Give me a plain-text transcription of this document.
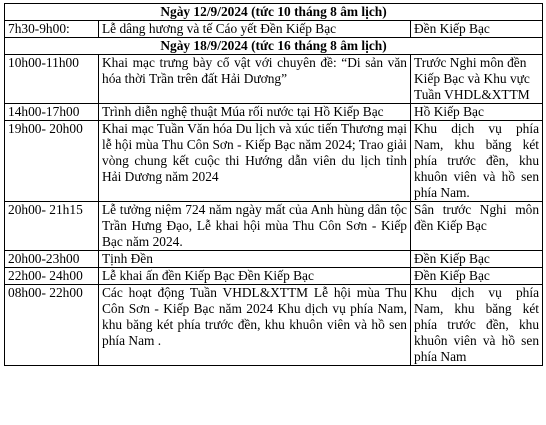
Ngày 12/9/2024 (tức 10 tháng 8 âm lịch)		
7h30-9h00:	Lễ dâng hương và tế Cáo yết Đền Kiếp Bạc	Đền Kiếp Bạc
Ngày 18/9/2024 (tức 16 tháng 8 âm lịch)		
10h00-11h00	Khai mạc trưng bày cổ vật với chuyên đề: “Di sản văn hóa thời Trần trên đất Hải Dương”	Trước Nghi môn đền Kiếp Bạc và Khu vực Tuần VHDL&XTTM
14h00-17h00	Trình diễn nghệ thuật Múa rối nước tại Hồ Kiếp Bạc	Hồ Kiếp Bạc
19h00- 20h00	Khai mạc Tuần Văn hóa Du lịch và xúc tiến Thương mại lễ hội mùa Thu Côn Sơn - Kiếp Bạc năm 2024; Trao giải vòng chung kết cuộc thi Hướng dẫn viên du lịch tỉnh Hải Dương năm 2024	Khu dịch vụ phía Nam, khu băng két phía trước đền, khu khuôn viên và hồ sen phía Nam.
20h00- 21h15	Lễ tưởng niệm 724 năm ngày mất của Anh hùng dân tộc Trần Hưng Đạo, Lễ khai hội mùa Thu Côn Sơn - Kiếp Bạc năm 2024.	Sân trước Nghi môn đền Kiếp Bạc
20h00-23h00	Tịnh Đền	Đền Kiếp Bạc
22h00- 24h00	Lễ khai ấn đền Kiếp Bạc Đền Kiếp Bạc	Đền Kiếp Bạc
08h00- 22h00	Các hoạt động Tuần VHDL&XTTM Lễ hội mùa Thu Côn Sơn - Kiếp Bạc năm 2024 Khu dịch vụ phía Nam, khu băng két phía trước đền, khu khuôn viên và hồ sen phía Nam .	Khu dịch vụ phía Nam, khu băng két phía trước đền, khu khuôn viên và hồ sen phía Nam
